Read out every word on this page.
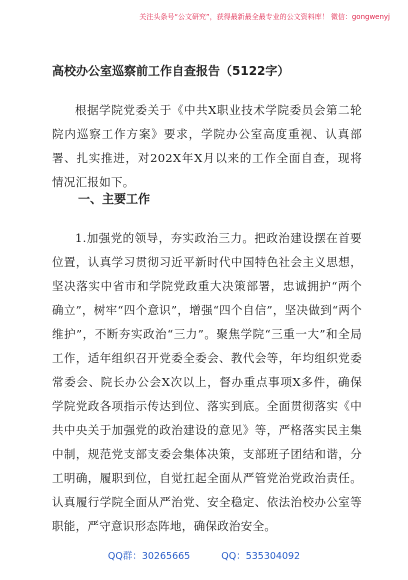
关注头条号“公文研究”，获得最新最全最专业的公文资料库！ 微信：gongwenyj
高校办公室巡察前工作自查报告（5122字）

根据学院党委关于《中共X职业技术学院委员会第二轮院内巡察工作方案》要求，学院办公室高度重视、认真部署、扎实推进，对202X年X月以来的工作全面自查，现将情况汇报如下。

一、主要工作

1.加强党的领导，夯实政治三力。把政治建设摆在首要位置，认真学习贯彻习近平新时代中国特色社会主义思想，坚决落实中省市和学院党政重大决策部署，忠诚拥护“两个确立”，树牢“四个意识”，增强“四个自信”，坚决做到“两个维护”，不断夯实政治“三力”。聚焦学院“三重一大”和全局工作，适年组织召开党委全委会、教代会等，年均组织党委常委会、院长办公会X次以上，督办重点事项X多件，确保学院党政各项指示传达到位、落实到底。全面贯彻落实《中共中央关于加强党的政治建设的意见》等，严格落实民主集中制，规范党支部支委会集体决策，支部班子团结和谐，分工明确，履职到位，自觉扛起全面从严管党治党政治责任。认真履行学院全面从严治党、安全稳定、依法治校办公室等职能，严守意识形态阵地，确保政治安全。

QQ群：30265665	QQ：535304092
